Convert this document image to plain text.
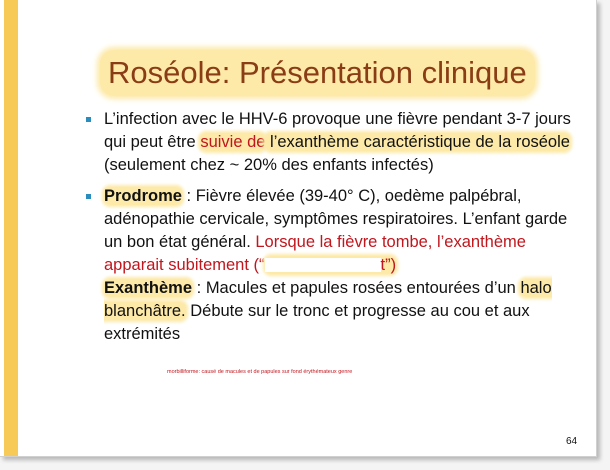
Roséole: Présentation clinique
L’infection avec le HHV-6 provoque une fièvre pendant 3-7 jours qui peut être suivie de l’exanthème caractéristique de la roséole (seulement chez ~ 20% des enfants infectés)
Prodrome : Fièvre élevée (39-40° C), oedème palpébral, adénopathie cervicale, symptômes respiratoires. L’enfant garde un bon état général. Lorsque la fièvre tombe, l’exanthème apparait subitement (“	t”)
Exanthème : Macules et papules rosées entourées d’un halo blanchâtre. Débute sur le tronc et progresse au cou et aux extrémités
morbilliforme: causé de macules et de papules sur fond érythémateux genre
64
